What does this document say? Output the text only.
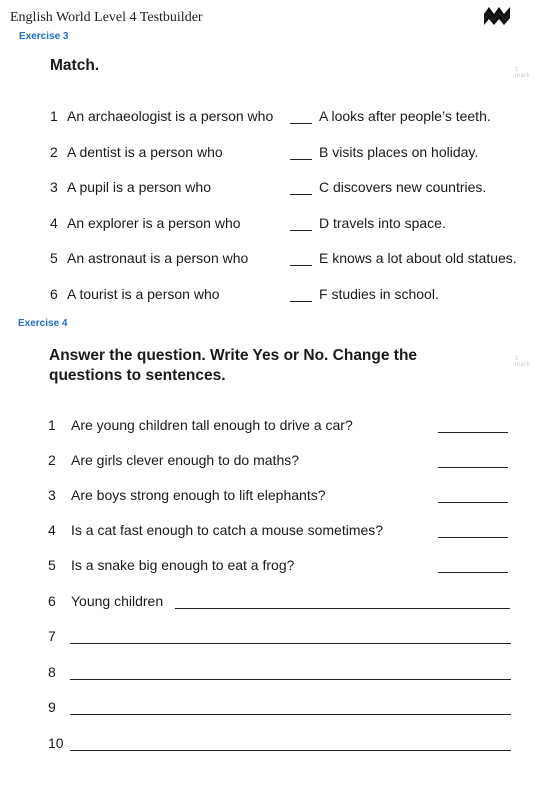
English World Level 4 Testbuilder
Exercise 3
Match.	1 mark
1 An archaeologist is a person who	A looks after people’s teeth.
2 A dentist is a person who	B visits places on holiday.
3 A pupil is a person who	C discovers new countries.
4 An explorer is a person who	D travels into space.
5 An astronaut is a person who	E knows a lot about old statues.
6 A tourist is a person who	F studies in school.
Exercise 4
Answer the question. Write Yes or No. Change the
questions to sentences.
1 mark
1 Are young children tall enough to drive a car?
2 Are girls clever enough to do maths?
3 Are boys strong enough to lift elephants?
4 Is a cat fast enough to catch a mouse sometimes?
5 Is a snake big enough to eat a frog?
6 Young children
7
8
9
10
